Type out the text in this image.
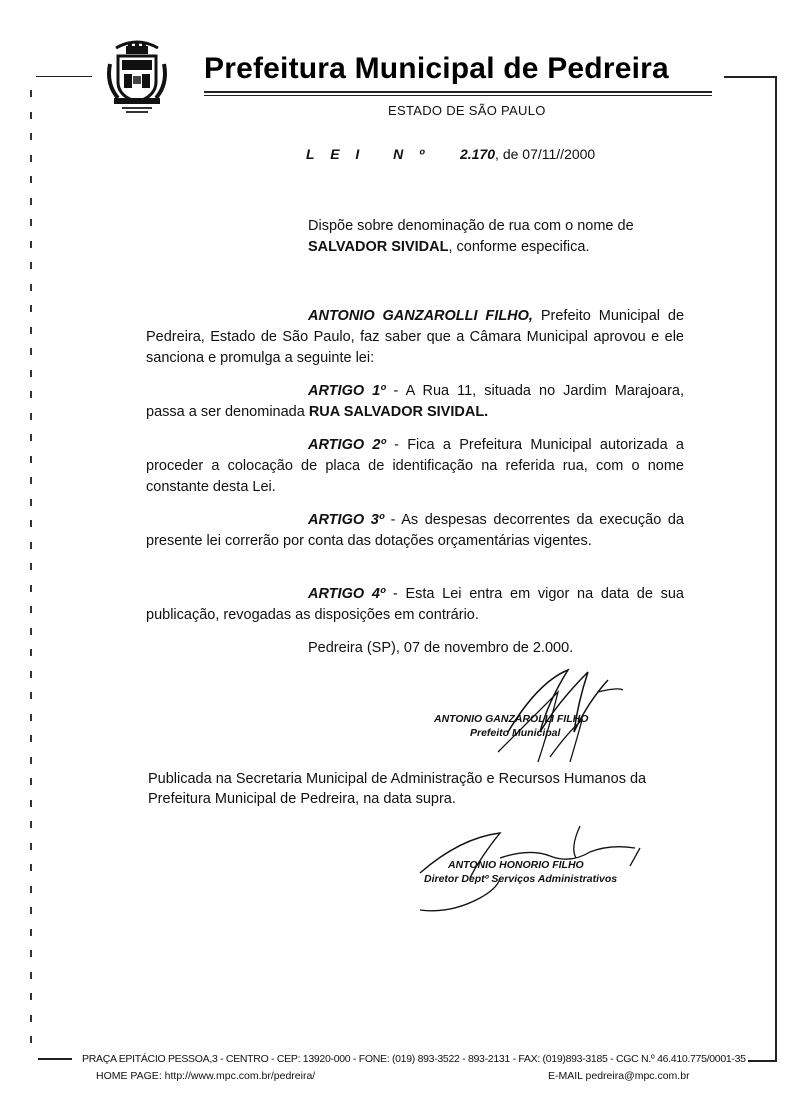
Prefeitura Municipal de Pedreira
ESTADO DE SÃO PAULO
L E I N º 2.170, de 07/11//2000
Dispõe sobre denominação de rua com o nome de
SALVADOR SIVIDAL, conforme especifica.
ANTONIO GANZAROLLI FILHO, Prefeito Municipal de Pedreira, Estado de São Paulo, faz saber que a Câmara Municipal aprovou e ele sanciona e promulga a seguinte lei:
ARTIGO 1º - A Rua 11, situada no Jardim Marajoara, passa a ser denominada RUA SALVADOR SIVIDAL.
ARTIGO 2º - Fica a Prefeitura Municipal autorizada a proceder a colocação de placa de identificação na referida rua, com o nome constante desta Lei.
ARTIGO 3º - As despesas decorrentes da execução da presente lei correrão por conta das dotações orçamentárias vigentes.
ARTIGO 4º - Esta Lei entra em vigor na data de sua publicação, revogadas as disposições em contrário.
Pedreira (SP), 07 de novembro de 2.000.
ANTONIO GANZAROLLI FILHO
Prefeito Municipal
Publicada na Secretaria Municipal de Administração e Recursos Humanos da Prefeitura Municipal de Pedreira, na data supra.
ANTONIO HONORIO FILHO
Diretor Deptº Serviços Administrativos
PRAÇA EPITÁCIO PESSOA,3 - CENTRO - CEP: 13920-000 - FONE: (019) 893-3522 - 893-2131 - FAX: (019)893-3185 - CGC N.º 46.410.775/0001-35
HOME PAGE: http://www.mpc.com.br/pedreira/	E-MAIL pedreira@mpc.com.br
